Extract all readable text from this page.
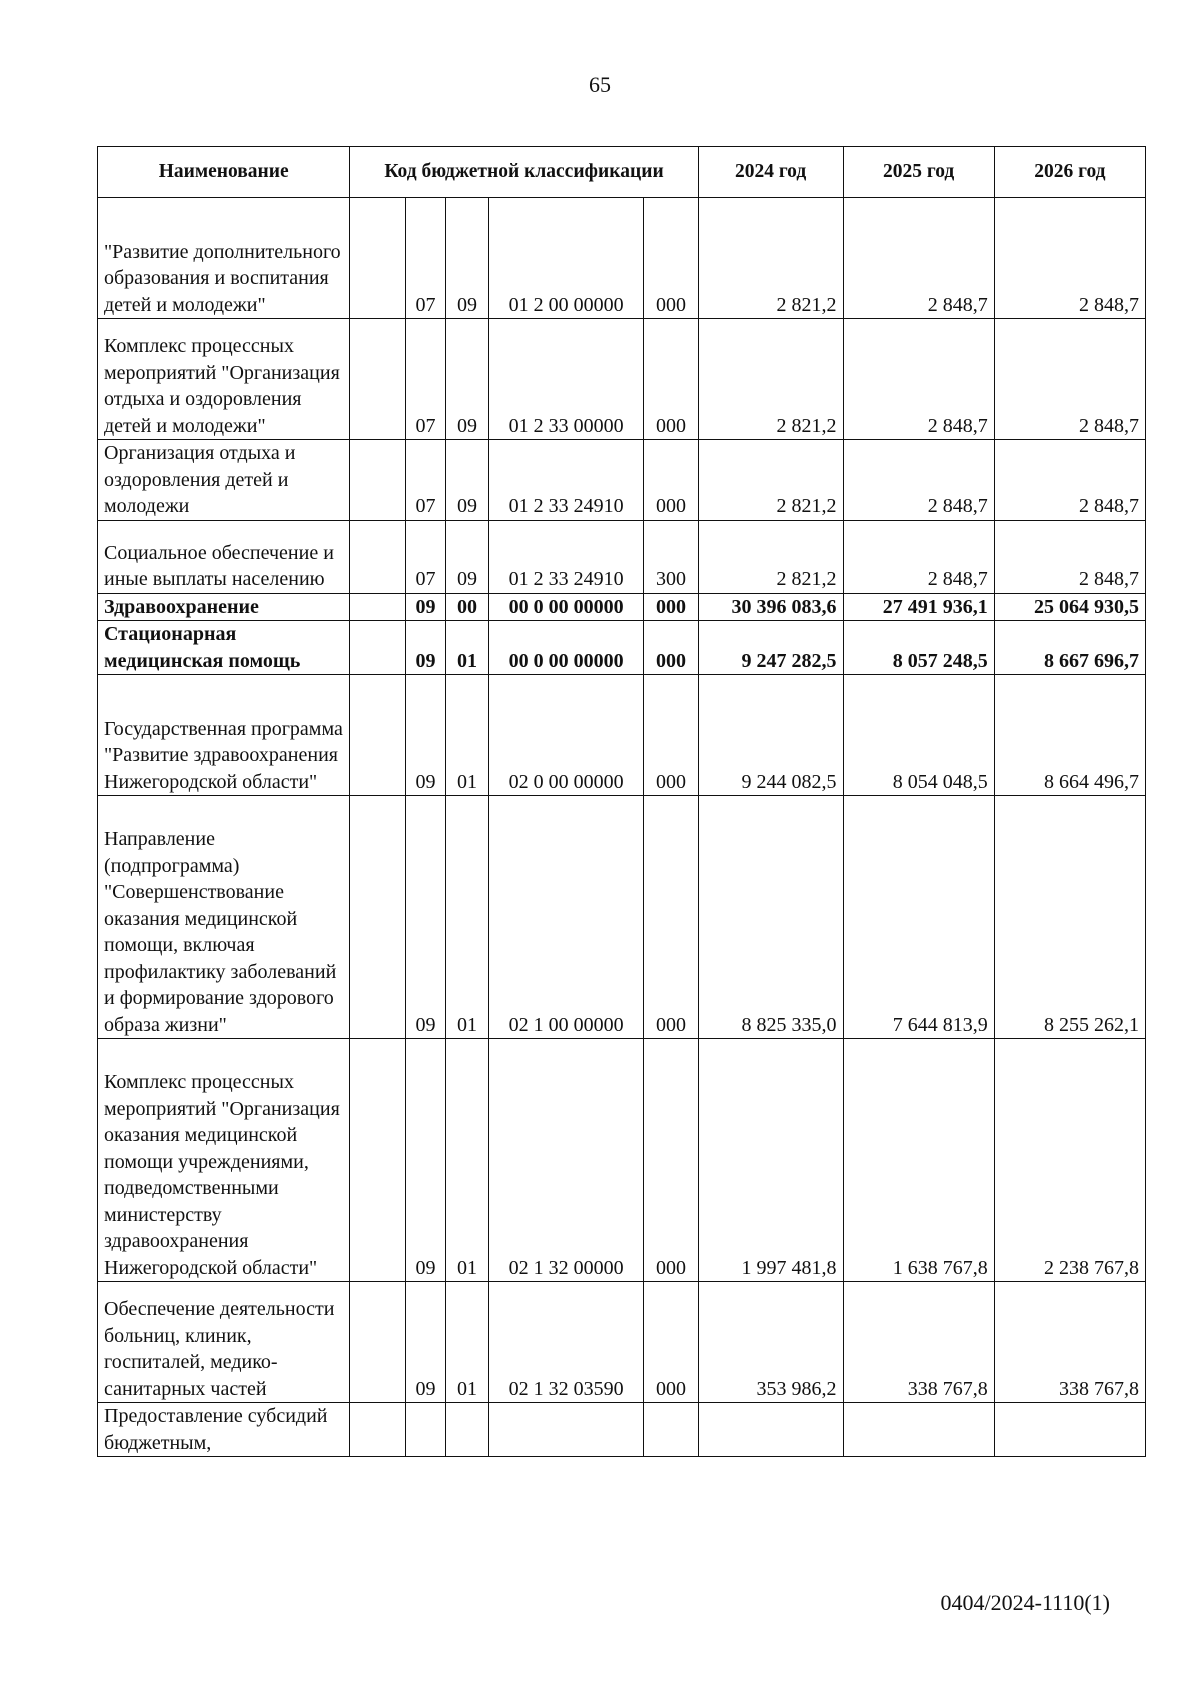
65
Наименование	Код бюджетной классификации					2024 год	2025 год	2026 год
"Развитие дополнительного образования и воспитания детей и молодежи"		07	09	01 2 00 00000	000	2 821,2	2 848,7	2 848,7
Комплекс процессных мероприятий "Организация отдыха и оздоровления детей и молодежи"		07	09	01 2 33 00000	000	2 821,2	2 848,7	2 848,7
Организация отдыха и оздоровления детей и молодежи		07	09	01 2 33 24910	000	2 821,2	2 848,7	2 848,7
Социальное обеспечение и иные выплаты населению		07	09	01 2 33 24910	300	2 821,2	2 848,7	2 848,7
Здравоохранение		09	00	00 0 00 00000	000	30 396 083,6	27 491 936,1	25 064 930,5
Стационарная медицинская помощь		09	01	00 0 00 00000	000	9 247 282,5	8 057 248,5	8 667 696,7
Государственная программа "Развитие здравоохранения Нижегородской области"		09	01	02 0 00 00000	000	9 244 082,5	8 054 048,5	8 664 496,7
Направление (подпрограмма) "Совершенствование оказания медицинской помощи, включая профилактику заболеваний и формирование здорового образа жизни"		09	01	02 1 00 00000	000	8 825 335,0	7 644 813,9	8 255 262,1
Комплекс процессных мероприятий "Организация оказания медицинской помощи учреждениями, подведомственными министерству здравоохранения Нижегородской области"		09	01	02 1 32 00000	000	1 997 481,8	1 638 767,8	2 238 767,8
Обеспечение деятельности больниц, клиник, госпиталей, медико-санитарных частей		09	01	02 1 32 03590	000	353 986,2	338 767,8	338 767,8
Предоставление субсидий бюджетным,								
0404/2024-1110(1)
